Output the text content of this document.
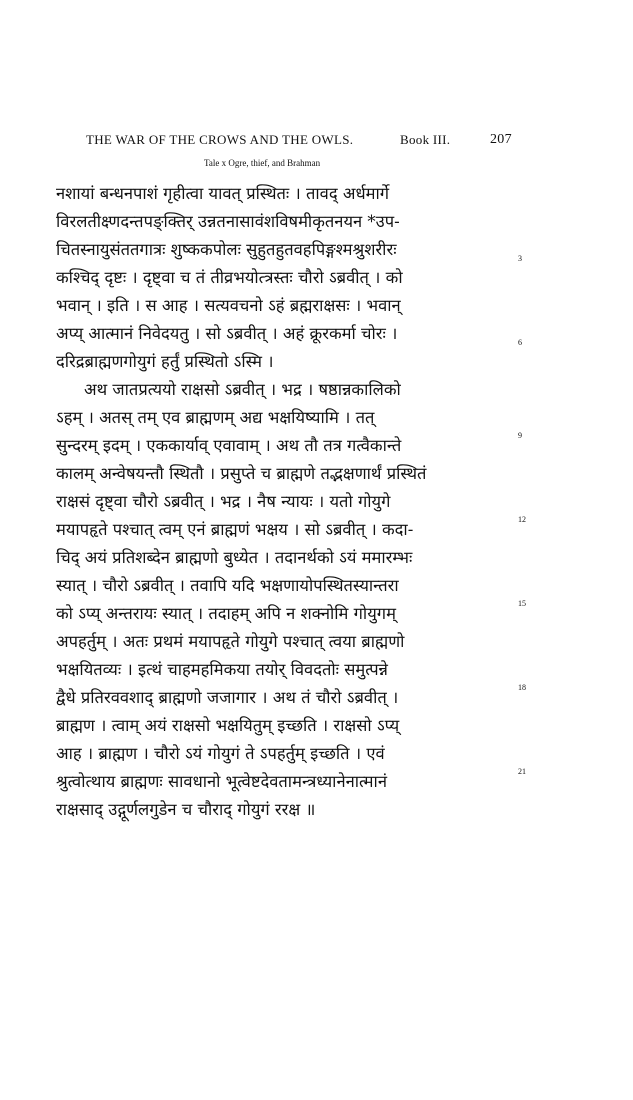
THE WAR OF THE CROWS AND THE OWLS.	Book III.	207
Tale x Ogre, thief, and Brahman
नशायां बन्धनपाशं गृहीत्वा यावत् प्रस्थितः । तावद् अर्धमार्गे
विरलतीक्ष्णदन्तपङ्क्तिर् उन्नतनासावंशविषमीकृतनयन *उप-
चितस्नायुसंततगात्रः शुष्ककपोलः सुहुतहुतवहपिङ्गश्मश्रुशरीरः
कश्चिद् दृष्टः । दृष्ट्वा च तं तीव्रभयोत्त्रस्तः चौरो ऽब्रवीत् । को
भवान् । इति । स आह । सत्यवचनो ऽहं ब्रह्मराक्षसः । भवान्
अप्य् आत्मानं निवेदयतु । सो ऽब्रवीत् । अहं क्रूरकर्मा चोरः ।
दरिद्रब्राह्मणगोयुगं हर्तुं प्रस्थितो ऽस्मि ।
अथ जातप्रत्ययो राक्षसो ऽब्रवीत् । भद्र । षष्ठान्नकालिको
ऽहम् । अतस् तम् एव ब्राह्मणम् अद्य भक्षयिष्यामि । तत्
सुन्दरम् इदम् । एककार्याव् एवावाम् । अथ तौ तत्र गत्वैकान्ते
कालम् अन्वेषयन्तौ स्थितौ । प्रसुप्ते च ब्राह्मणे तद्भक्षणार्थं प्रस्थितं
राक्षसं दृष्ट्वा चौरो ऽब्रवीत् । भद्र । नैष न्यायः । यतो गोयुगे
मयापहृते पश्चात् त्वम् एनं ब्राह्मणं भक्षय । सो ऽब्रवीत् । कदा-
चिद् अयं प्रतिशब्देन ब्राह्मणो बुध्येत । तदानर्थको ऽयं ममारम्भः
स्यात् । चौरो ऽब्रवीत् । तवापि यदि भक्षणायोपस्थितस्यान्तरा
को ऽप्य् अन्तरायः स्यात् । तदाहम् अपि न शक्नोमि गोयुगम्
अपहर्तुम् । अतः प्रथमं मयापहृते गोयुगे पश्चात् त्वया ब्राह्मणो
भक्षयितव्यः । इत्थं चाहमहमिकया तयोर् विवदतोः समुत्पन्ने
द्वैधे प्रतिरववशाद् ब्राह्मणो जजागार । अथ तं चौरो ऽब्रवीत् ।
ब्राह्मण । त्वाम् अयं राक्षसो भक्षयितुम् इच्छति । राक्षसो ऽप्य्
आह । ब्राह्मण । चौरो ऽयं गोयुगं ते ऽपहर्तुम् इच्छति । एवं
श्रुत्वोत्थाय ब्राह्मणः सावधानो भूत्वेष्टदेवतामन्त्रध्यानेनात्मानं
राक्षसाद् उद्गूर्णलगुडेन च चौराद् गोयुगं ररक्ष ॥
3
6
9
12
15
18
21
